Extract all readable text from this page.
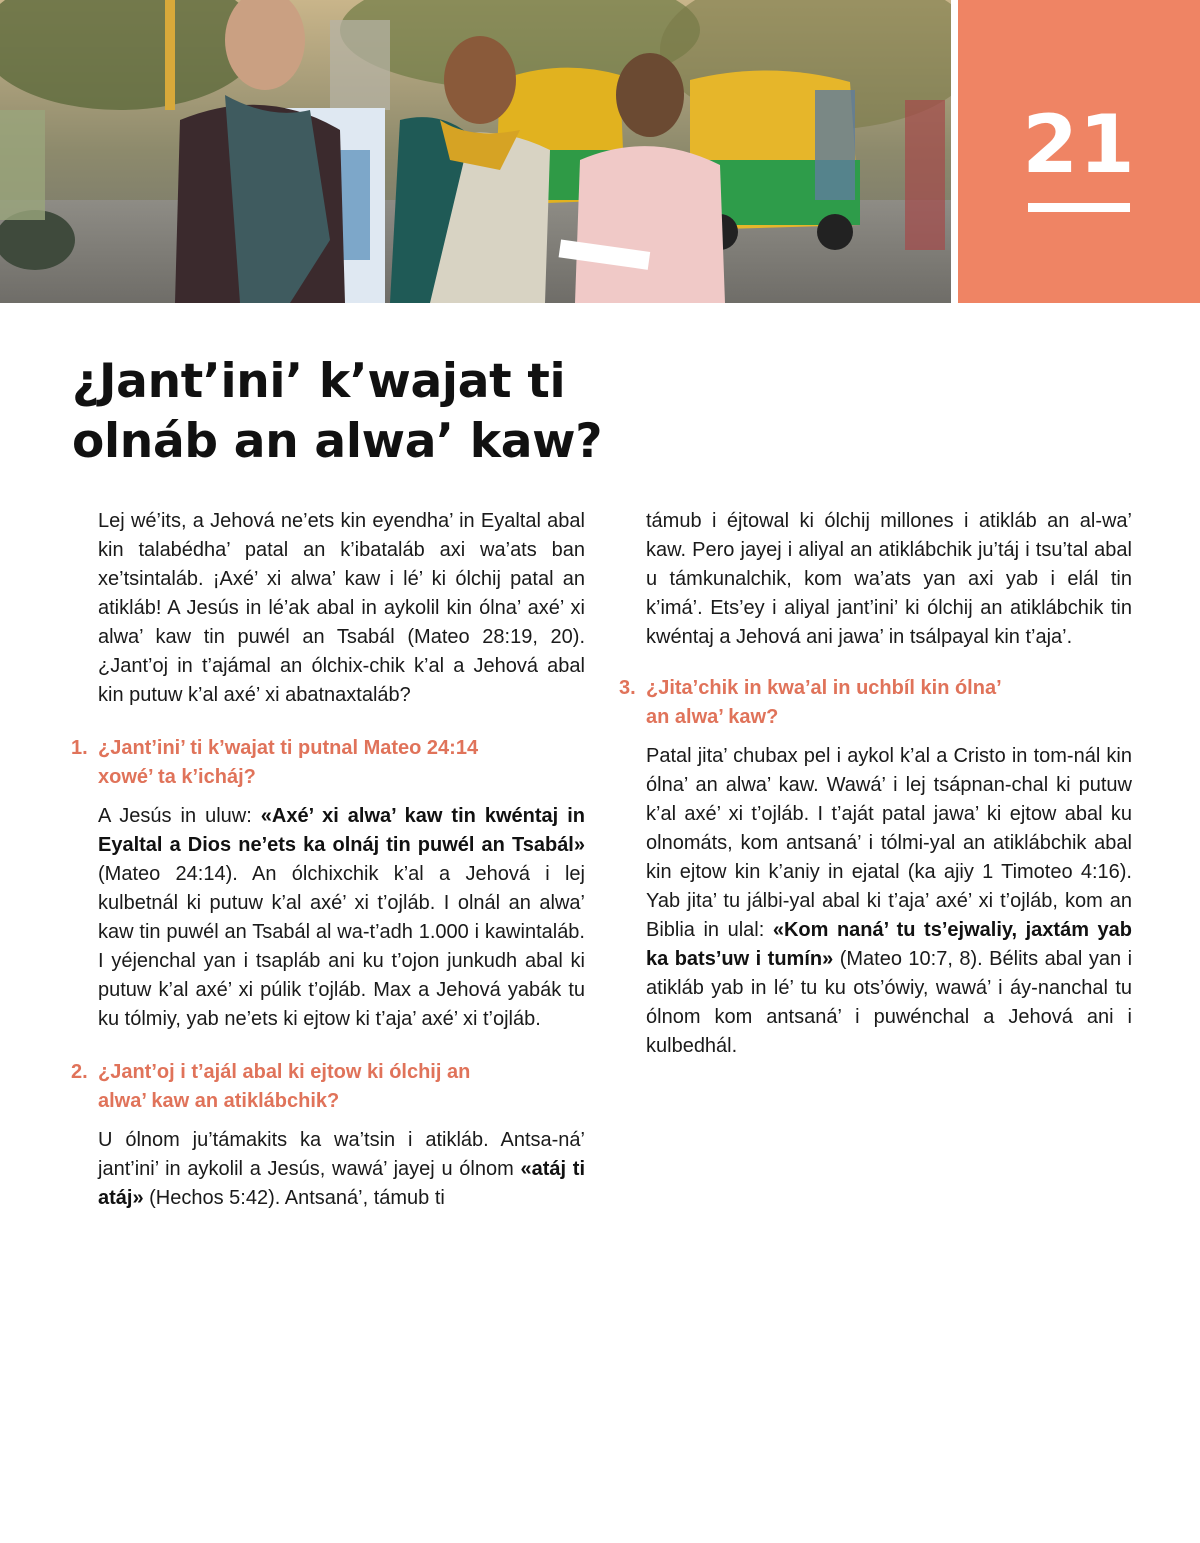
21
¿Jant’ini’ k’wajat ti
olnáb an alwa’ kaw?

Lej wé’its, a Jehová ne’ets kin eyendha’ in Eyaltal abal kin talabédha’ patal an k’ibataláb axi wa’ats ban xe’tsintaláb. ¡Axé’ xi alwa’ kaw i lé’ ki ólchij patal an atikláb! A Jesús in lé’ak abal in aykolil kin ólna’ axé’ xi alwa’ kaw tin puwél an Tsabál (Mateo 28:19, 20). ¿Jant’oj in t’ajámal an ólchix-chik k’al a Jehová abal kin putuw k’al axé’ xi abatnaxtaláb?

1. ¿Jant’ini’ ti k’wajat ti putnal Mateo 24:14
xowé’ ta k’icháj?

A Jesús in uluw: «Axé’ xi alwa’ kaw tin kwéntaj in Eyaltal a Dios ne’ets ka olnáj tin puwél an Tsabál» (Mateo 24:14). An ólchixchik k’al a Jehová i lej kulbetnál ki putuw k’al axé’ xi t’ojláb. I olnál an alwa’ kaw tin puwél an Tsabál al wa-t’adh 1.000 i kawintaláb. I yéjenchal yan i tsapláb ani ku t’ojon junkudh abal ki putuw k’al axé’ xi púlik t’ojláb. Max a Jehová yabák tu ku tólmiy, yab ne’ets ki ejtow ki t’aja’ axé’ xi t’ojláb.

2. ¿Jant’oj i t’ajál abal ki ejtow ki ólchij an
alwa’ kaw an atiklábchik?

U ólnom ju’támakits ka wa’tsin i atikláb. Antsa-ná’ jant’ini’ in aykolil a Jesús, wawá’ jayej u ólnom «atáj ti atáj» (Hechos 5:42). Antsaná’, támub ti

támub i éjtowal ki ólchij millones i atikláb an al-wa’ kaw. Pero jayej i aliyal an atiklábchik ju’táj i tsu’tal abal u támkunalchik, kom wa’ats yan axi yab i elál tin k’imá’. Ets’ey i aliyal jant’ini’ ki ólchij an atiklábchik tin kwéntaj a Jehová ani jawa’ in tsálpayal kin t’aja’.

3. ¿Jita’chik in kwa’al in uchbíl kin ólna’
an alwa’ kaw?

Patal jita’ chubax pel i aykol k’al a Cristo in tom-nál kin ólna’ an alwa’ kaw. Wawá’ i lej tsápnan-chal ki putuw k’al axé’ xi t’ojláb. I t’aját patal jawa’ ki ejtow abal ku olnomáts, kom antsaná’ i tólmi-yal an atiklábchik abal kin ejtow kin k’aniy in ejatal (ka ajiy 1 Timoteo 4:16). Yab jita’ tu jálbi-yal abal ki t’aja’ axé’ xi t’ojláb, kom an Biblia in ulal: «Kom naná’ tu ts’ejwaliy, jaxtám yab ka bats’uw i tumín» (Mateo 10:7, 8). Bélits abal yan i atikláb yab in lé’ tu ku ots’ówiy, wawá’ i áy-nanchal tu ólnom kom antsaná’ i puwénchal a Jehová ani i kulbedhál.
